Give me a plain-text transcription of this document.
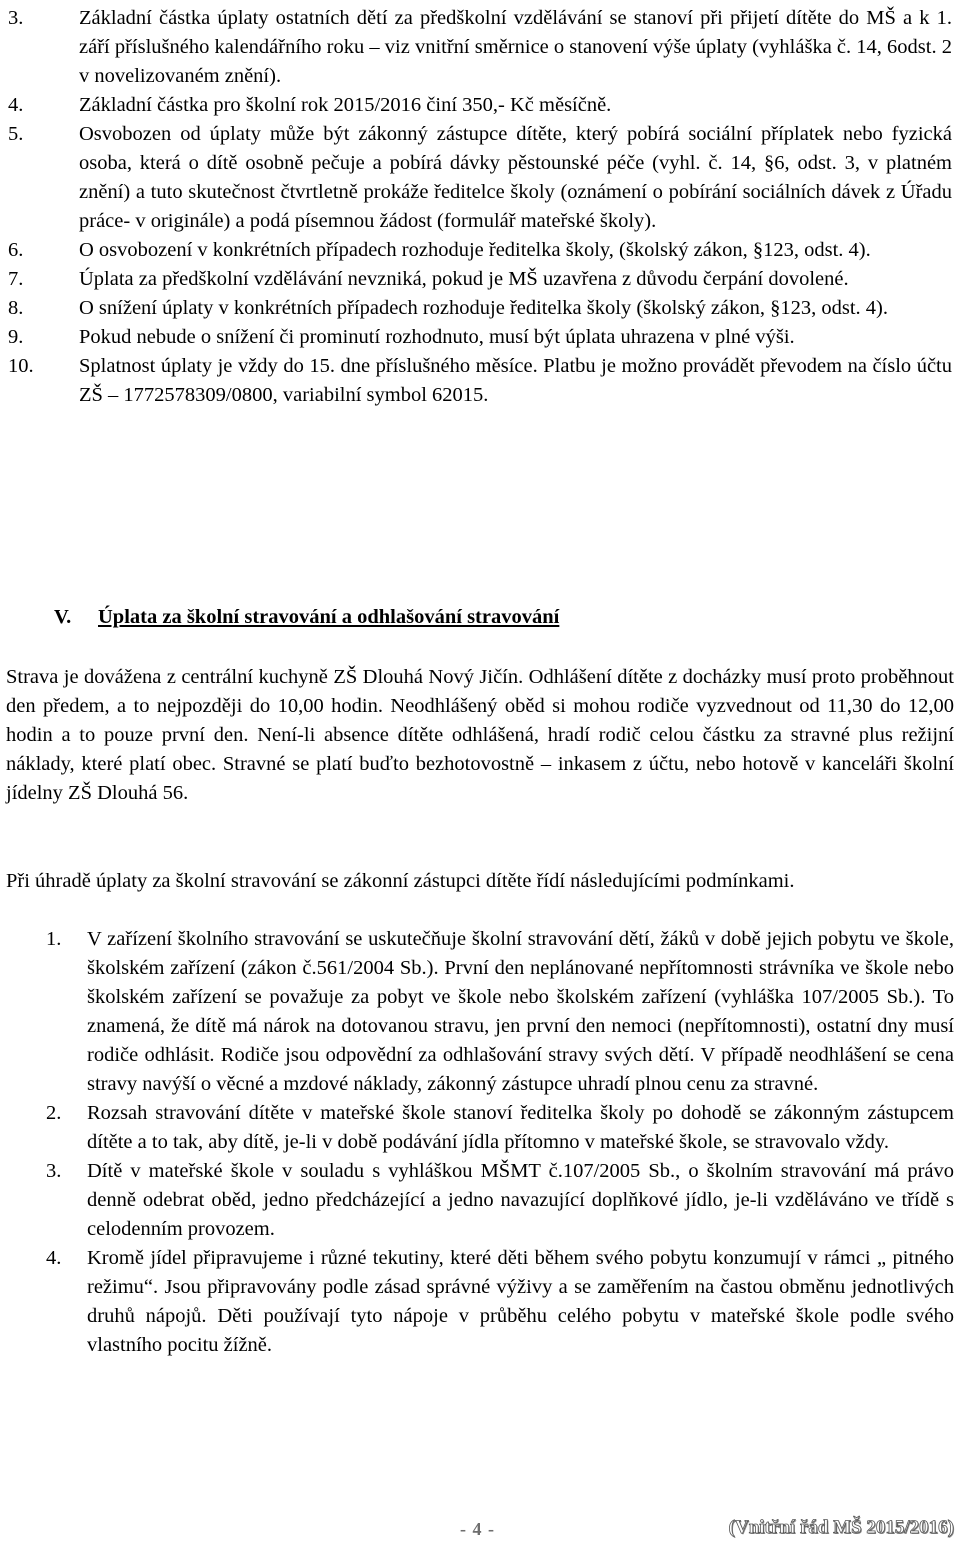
3.	Základní částka úplaty ostatních dětí za předškolní vzdělávání se stanoví při přijetí dítěte do MŠ a k 1. září příslušného kalendářního roku – viz vnitřní směrnice o stanovení výše úplaty (vyhláška č. 14, 6odst. 2 v novelizovaném znění).
4.	Základní částka pro školní rok 2015/2016 činí 350,- Kč měsíčně.
5.	Osvobozen od úplaty může být zákonný zástupce dítěte, který pobírá sociální příplatek nebo fyzická osoba, která o dítě osobně pečuje a pobírá dávky pěstounské péče (vyhl. č. 14, §6, odst. 3, v platném znění) a tuto skutečnost čtvrtletně prokáže ředitelce školy (oznámení o pobírání sociálních dávek z Úřadu práce- v originále) a podá písemnou žádost (formulář mateřské školy).
6.	O osvobození v konkrétních případech rozhoduje ředitelka školy, (školský zákon, §123, odst. 4).
7.	Úplata za předškolní vzdělávání nevzniká, pokud je MŠ uzavřena z důvodu čerpání dovolené.
8.	O snížení úplaty v konkrétních případech rozhoduje ředitelka školy (školský zákon, §123, odst. 4).
9.	Pokud nebude o snížení či prominutí rozhodnuto, musí být úplata uhrazena v plné výši.
10.	Splatnost úplaty je vždy do 15. dne příslušného měsíce. Platbu je možno provádět převodem na číslo účtu ZŠ – 1772578309/0800, variabilní symbol 62015.
V. Úplata za školní stravování a odhlašování stravování
Strava je dovážena z centrální kuchyně ZŠ Dlouhá Nový Jičín. Odhlášení dítěte z docházky musí proto proběhnout den předem, a to nejpozději do 10,00 hodin. Neodhlášený oběd si mohou rodiče vyzvednout od 11,30 do 12,00 hodin a to pouze první den. Není-li absence dítěte odhlášená, hradí rodič celou částku za stravné plus režijní náklady, které platí obec. Stravné se platí buďto bezhotovostně – inkasem z účtu, nebo hotově v kanceláři školní jídelny ZŠ Dlouhá 56.
Při úhradě úplaty za školní stravování se zákonní zástupci dítěte řídí následujícími podmínkami.
1.	V zařízení školního stravování se uskutečňuje školní stravování dětí, žáků v době jejich pobytu ve škole, školském zařízení (zákon č.561/2004 Sb.). První den neplánované nepřítomnosti strávníka ve škole nebo školském zařízení se považuje za pobyt ve škole nebo školském zařízení (vyhláška 107/2005 Sb.). To znamená, že dítě má nárok na dotovanou stravu, jen první den nemoci (nepřítomnosti), ostatní dny musí rodiče odhlásit. Rodiče jsou odpovědní za odhlašování stravy svých dětí. V případě neodhlášení se cena stravy navýší o věcné a mzdové náklady, zákonný zástupce uhradí plnou cenu za stravné.
2.	Rozsah stravování dítěte v mateřské škole stanoví ředitelka školy po dohodě se zákonným zástupcem dítěte a to tak, aby dítě, je-li v době podávání jídla přítomno v mateřské škole, se stravovalo vždy.
3.	Dítě v mateřské škole v souladu s vyhláškou MŠMT č.107/2005 Sb., o školním stravování má právo denně odebrat oběd, jedno předcházející a jedno navazující doplňkové jídlo, je-li vzděláváno ve třídě s celodenním provozem.
4.	Kromě jídel připravujeme i různé tekutiny, které děti během svého pobytu konzumují v rámci „ pitného režimu“. Jsou připravovány podle zásad správné výživy a se zaměřením na častou obměnu jednotlivých druhů nápojů. Děti používají tyto nápoje v průběhu celého pobytu v mateřské škole podle svého vlastního pocitu žížně.
- 4 -	(Vnitřní řád MŠ 2015/2016)
